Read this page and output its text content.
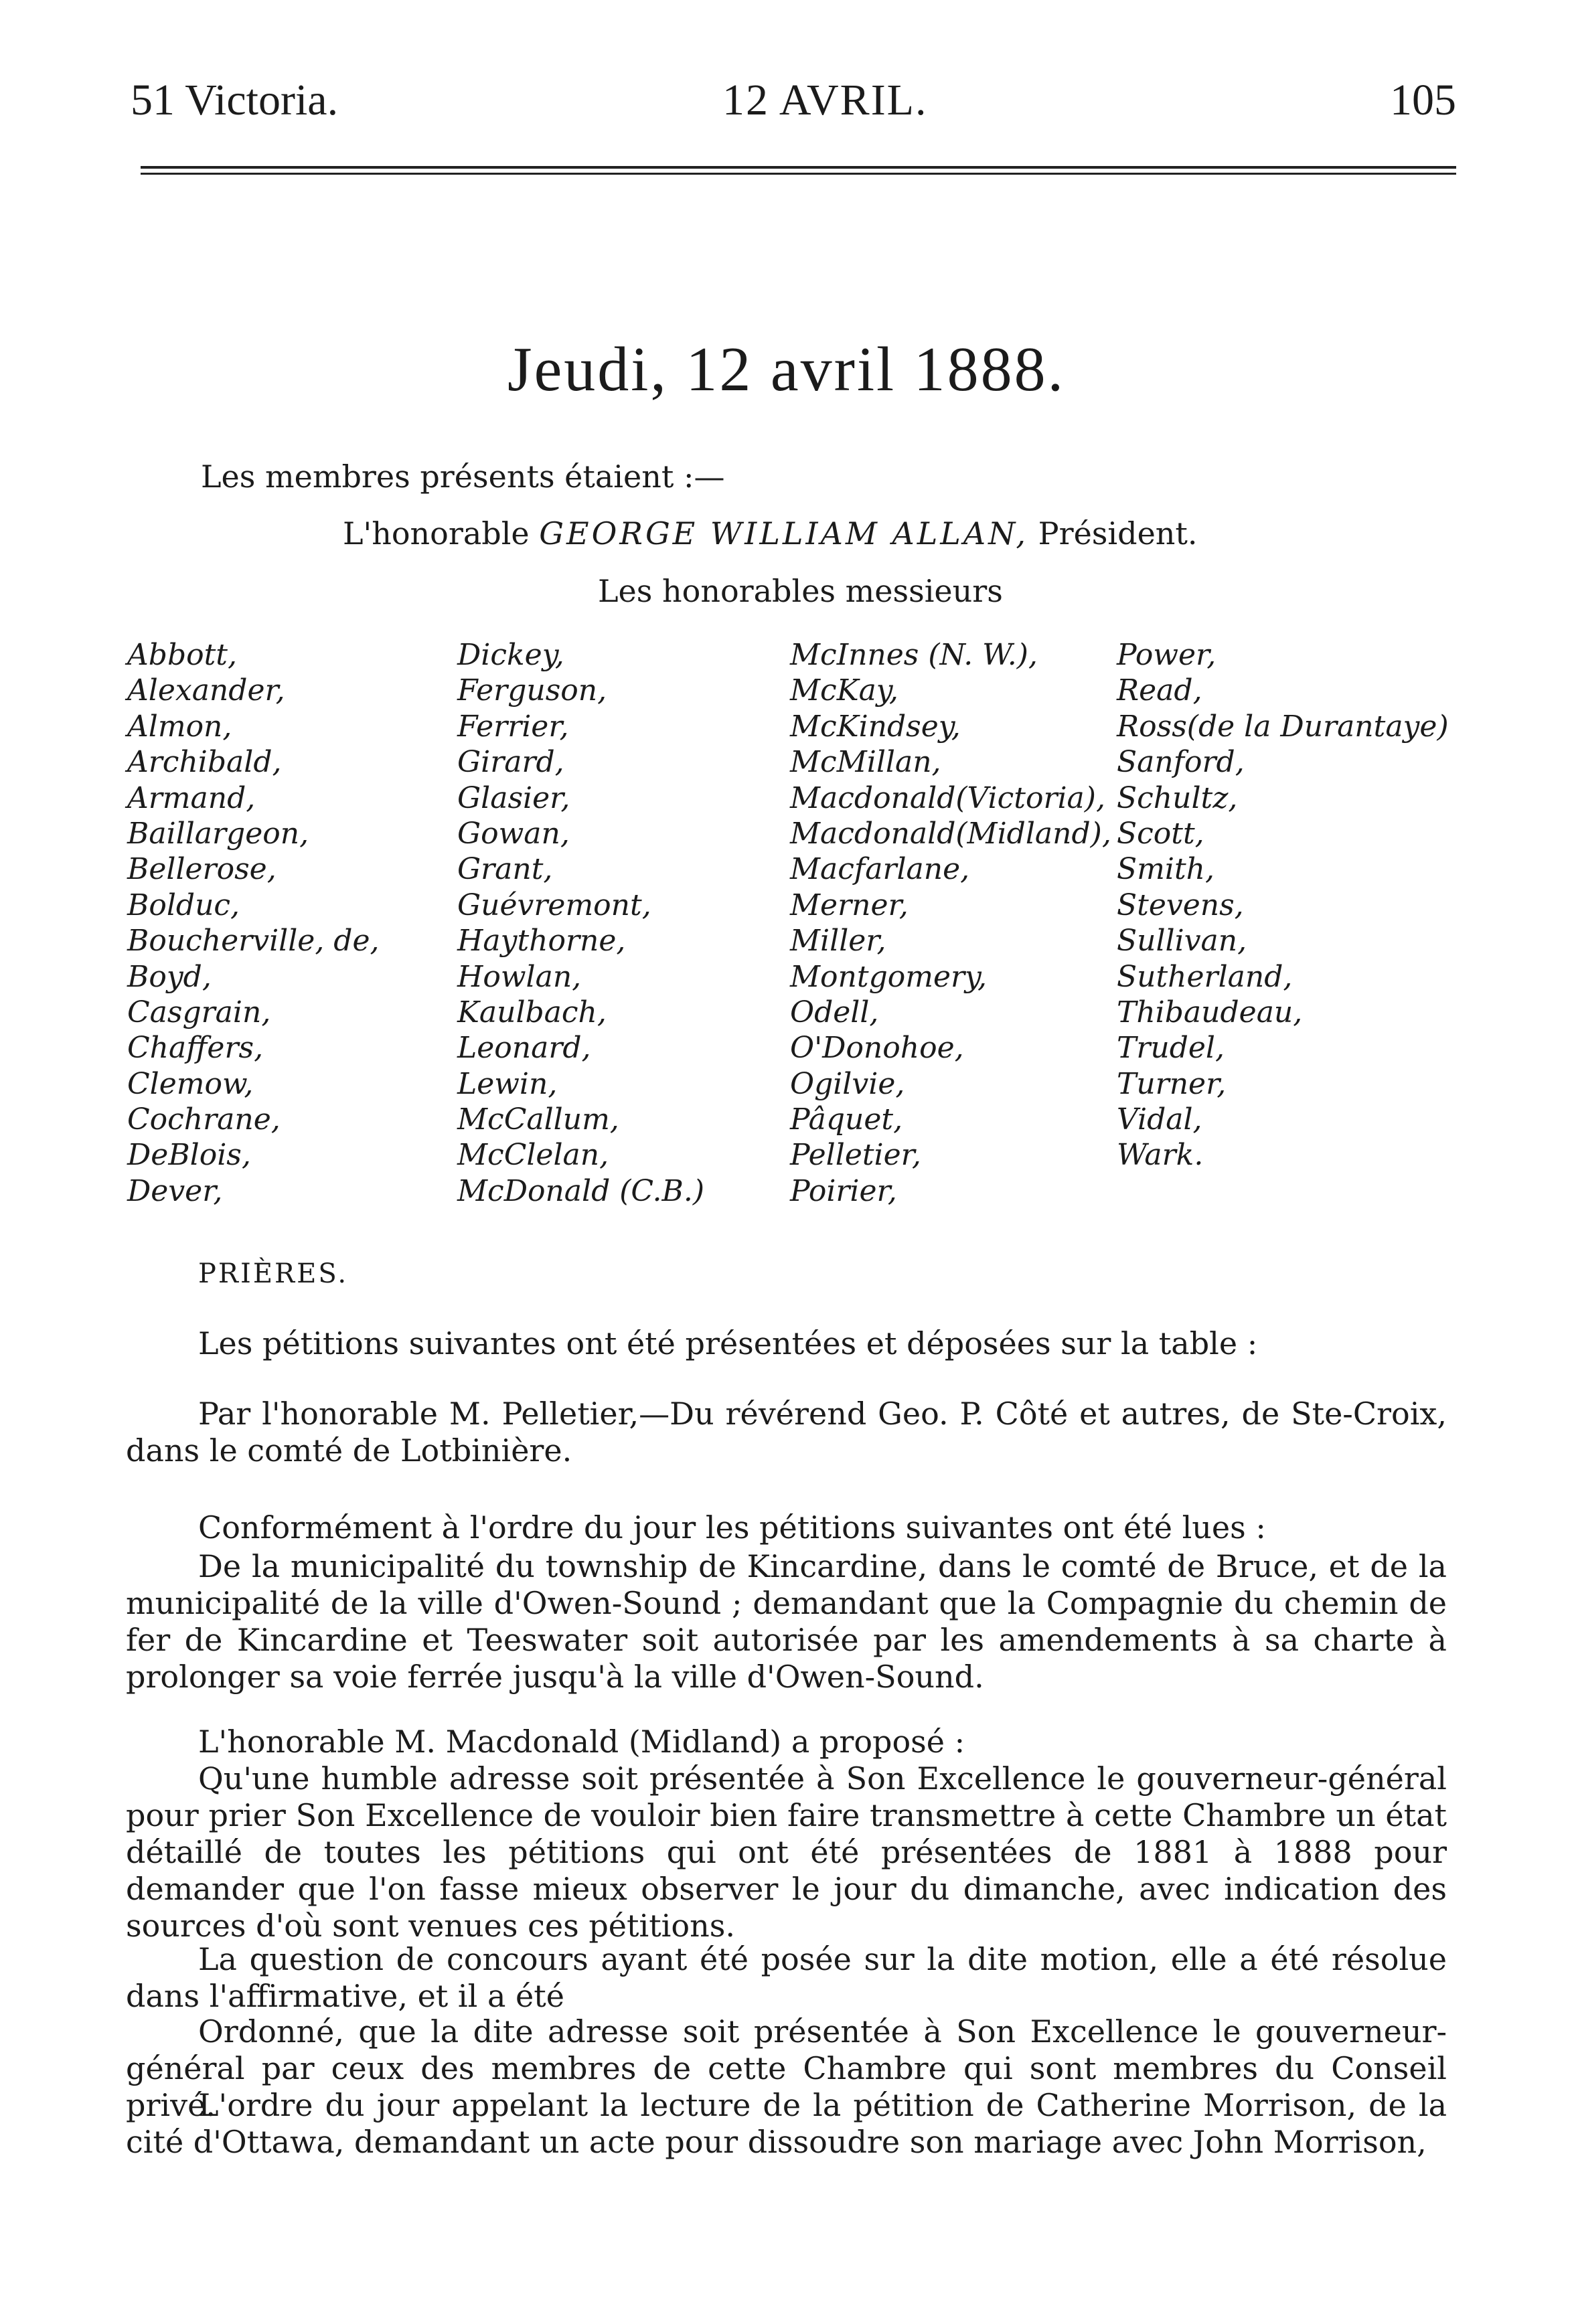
51 Victoria.	12 AVRIL.	105
Jeudi, 12 avril 1888.
Les membres présents étaient :—
L'honorable GEORGE WILLIAM ALLAN, Président.
Les honorables messieurs
Abbott,
Alexander,
Almon,
Archibald,
Armand,
Baillargeon,
Bellerose,
Bolduc,
Boucherville, de,
Boyd,
Casgrain,
Chaffers,
Clemow,
Cochrane,
DeBlois,
Dever,
Dickey,
Ferguson,
Ferrier,
Girard,
Glasier,
Gowan,
Grant,
Guévremont,
Haythorne,
Howlan,
Kaulbach,
Leonard,
Lewin,
McCallum,
McClelan,
McDonald (C.B.)
McInnes (N. W.),
McKay,
McKindsey,
McMillan,
Macdonald(Victoria),
Macdonald(Midland),
Macfarlane,
Merner,
Miller,
Montgomery,
Odell,
O'Donohoe,
Ogilvie,
Pâquet,
Pelletier,
Poirier,
Power,
Read,
Ross(de la Durantaye)
Sanford,
Schultz,
Scott,
Smith,
Stevens,
Sullivan,
Sutherland,
Thibaudeau,
Trudel,
Turner,
Vidal,
Wark.
PRIÈRES.

Les pétitions suivantes ont été présentées et déposées sur la table :

Par l'honorable M. Pelletier,—Du révérend Geo. P. Côté et autres, de Ste-Croix, dans le comté de Lotbinière.

Conformément à l'ordre du jour les pétitions suivantes ont été lues :

De la municipalité du township de Kincardine, dans le comté de Bruce, et de la municipalité de la ville d'Owen-Sound ; demandant que la Compagnie du chemin de fer de Kincardine et Teeswater soit autorisée par les amendements à sa charte à prolonger sa voie ferrée jusqu'à la ville d'Owen-Sound.

L'honorable M. Macdonald (Midland) a proposé :

Qu'une humble adresse soit présentée à Son Excellence le gouverneur-général pour prier Son Excellence de vouloir bien faire transmettre à cette Chambre un état détaillé de toutes les pétitions qui ont été présentées de 1881 à 1888 pour demander que l'on fasse mieux observer le jour du dimanche, avec indication des sources d'où sont venues ces pétitions.

La question de concours ayant été posée sur la dite motion, elle a été résolue dans l'affirmative, et il a été

Ordonné, que la dite adresse soit présentée à Son Excellence le gouverneur-général par ceux des membres de cette Chambre qui sont membres du Conseil privé.

L'ordre du jour appelant la lecture de la pétition de Catherine Morrison, de la cité d'Ottawa, demandant un acte pour dissoudre son mariage avec John Morrison,
